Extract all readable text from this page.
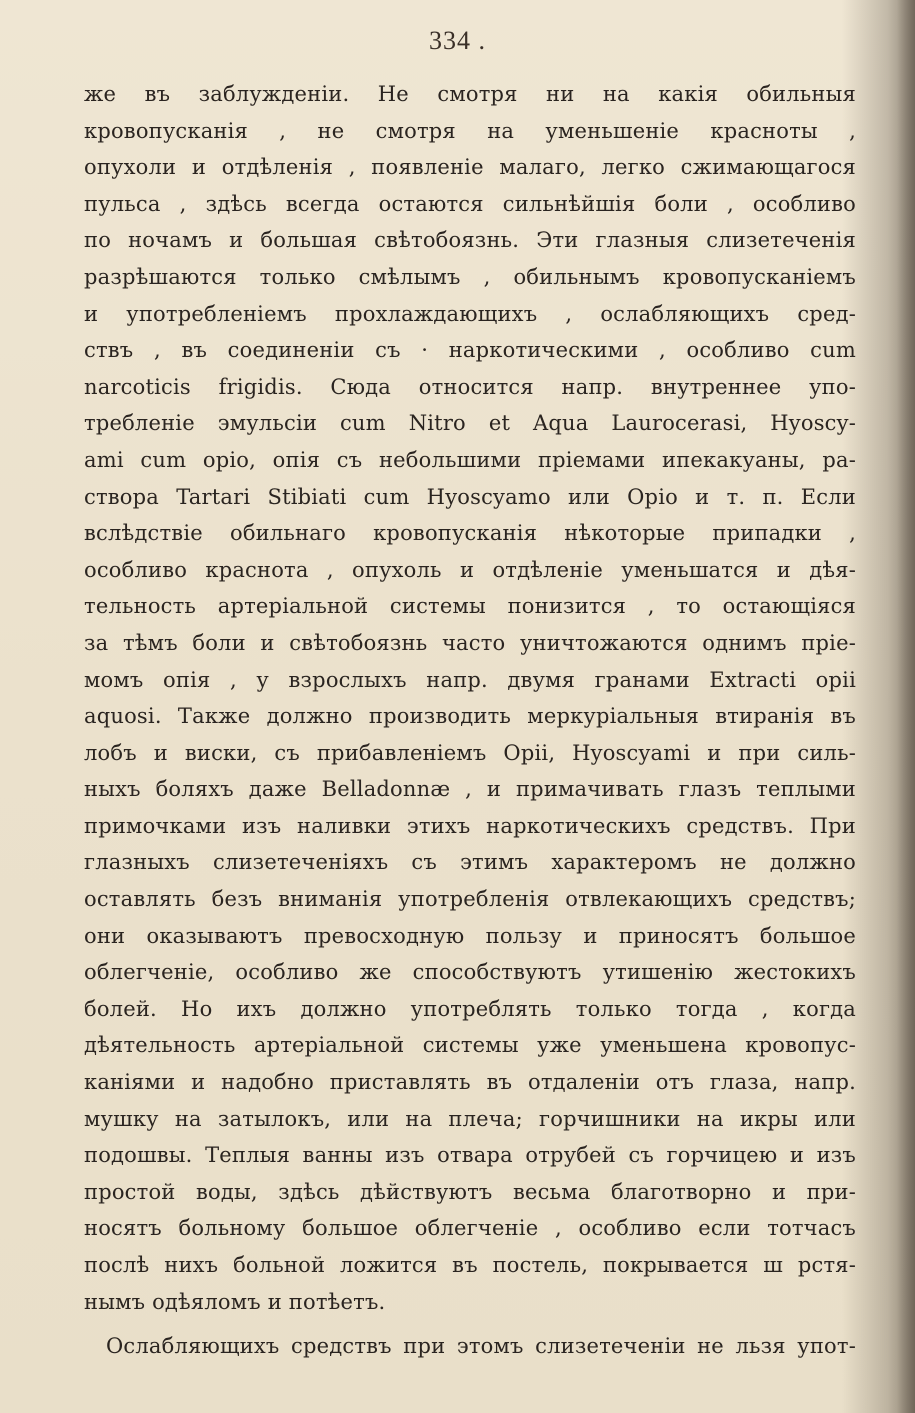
334 .
же въ заблужденіи. Не смотря ни на какія обильныя
кровопусканія , не смотря на уменьшеніе красноты ,
опухоли и отдѣленія , появленіе малаго, легко сжимающагося
пульса , здѣсь всегда остаются сильнѣйшія боли , особливо
по ночамъ и большая свѣтобоязнь. Эти глазныя слизетеченія
разрѣшаются только смѣлымъ , обильнымъ кровопусканіемъ
и употребленіемъ прохлаждающихъ , ослабляющихъ сред-
ствъ , въ соединеніи съ · наркотическими , особливо cum
narcoticis frigidis. Сюда относится напр. внутреннее упо-
требленіе эмульсіи cum Nitro et Aqua Laurocerasi, Hyoscy-
ami cum opio, опія съ небольшими пріемами ипекакуаны, ра-
створа Tartari Stibiati cum Hyoscyamo или Opio и т. п. Если
вслѣдствіе обильнаго кровопусканія нѣкоторые припадки ,
особливо краснота , опухоль и отдѣленіе уменьшатся и дѣя-
тельность артеріальной системы понизится , то остающіяся
за тѣмъ боли и свѣтобоязнь часто уничтожаются однимъ пріе-
момъ опія , у взрослыхъ напр. двумя гранами Extracti opii
aquosi. Также должно производить меркуріальныя втиранія въ
лобъ и виски, съ прибавленіемъ Opii, Hyoscyami и при силь-
ныхъ боляхъ даже Belladonnæ , и примачивать глазъ теплыми
примочками изъ наливки этихъ наркотическихъ средствъ. При
глазныхъ слизетеченіяхъ съ этимъ характеромъ не должно
оставлять безъ вниманія употребленія отвлекающихъ средствъ;
они оказываютъ превосходную пользу и приносятъ большое
облегченіе, особливо же способствуютъ утишенію жестокихъ
болей. Но ихъ должно употреблять только тогда , когда
дѣятельность артеріальной системы уже уменьшена кровопус-
каніями и надобно приставлять въ отдаленіи отъ глаза, напр.
мушку на затылокъ, или на плеча; горчишники на икры или
подошвы. Теплыя ванны изъ отвара отрубей съ горчицею и изъ
простой воды, здѣсь дѣйствуютъ весьма благотворно и при-
носятъ больному большое облегченіе , особливо если тотчасъ
послѣ нихъ больной ложится въ постель, покрывается ш рстя-
нымъ одѣяломъ и потѣетъ.
Ослабляющихъ средствъ при этомъ слизетеченіи не льзя упот-
